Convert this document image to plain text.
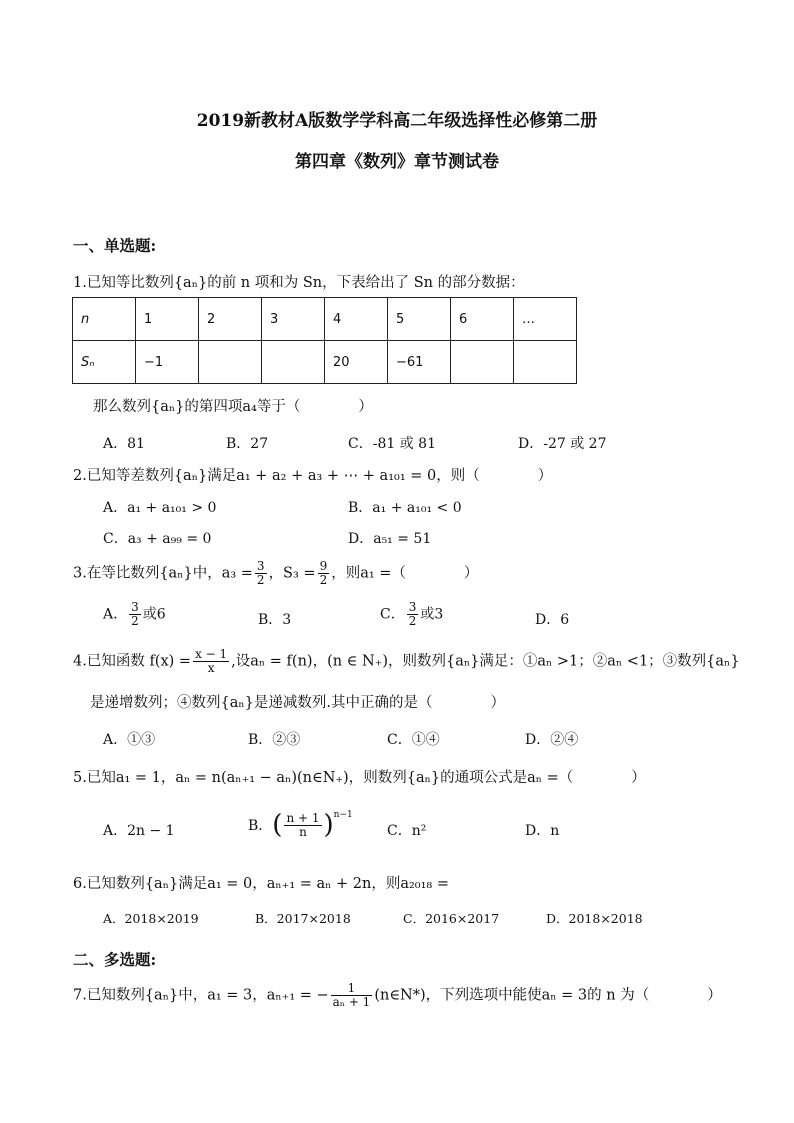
2019新教材A版数学学科高二年级选择性必修第二册
第四章《数列》章节测试卷
一、单选题:
1.已知等比数列{aₙ}的前 n 项和为 Sn，下表给出了 Sn 的部分数据：
n	1	2	3	4	5	6	…
Sₙ	−1			20	−61		
那么数列{aₙ}的第四项a₄等于（　　　　）
A．81	B．27	C．-81 或 81	D．-27 或 27
2.已知等差数列{aₙ}满足a₁ + a₂ + a₃ + ⋯ + a₁₀₁ = 0，则（　　　　）
A．a₁ + a₁₀₁ > 0	B．a₁ + a₁₀₁ < 0
C．a₃ + a₉₉ = 0	D．a₅₁ = 51
3.在等比数列{aₙ}中，$a_3 = \frac{3}{2}$ ，$S_3 = \frac{9}{2}$ ，则a₁ =（　　　　）
A． $\frac{3}{2}$ 或6	B．3	C． $\frac{3}{2}$ 或3	D．6
4.已知函数 $f(x) = \frac{x - 1}{x}$ ,设aₙ = f(n)，(n ∈ N₊)，则数列{aₙ}满足：①aₙ >1；②aₙ <1；③数列{aₙ}
是递增数列；④数列{aₙ}是递减数列.其中正确的是（　　　　）
A．①③	B．②③	C．①④	D．②④
5.已知a₁ = 1，aₙ = n(aₙ₊₁ − aₙ)(n∈N₊)，则数列{aₙ}的通项公式是aₙ =（　　　　）
A．2n − 1	B．( $\frac{n + 1}{n} )^{n-1}$
C．n²	D．n
6.已知数列{aₙ}满足a₁ = 0，aₙ₊₁ = aₙ + 2n，则a₂₀₁₈ =
A．2018×2019	B．2017×2018	C．2016×2017	D．2018×2018
二、多选题:
7.已知数列{aₙ}中，a₁ = 3，aₙ₊₁ = − $\frac{1}{\text{aₙ + 1}}$ (n∈N*)，下列选项中能使aₙ = 3的 n 为（　　　　）
